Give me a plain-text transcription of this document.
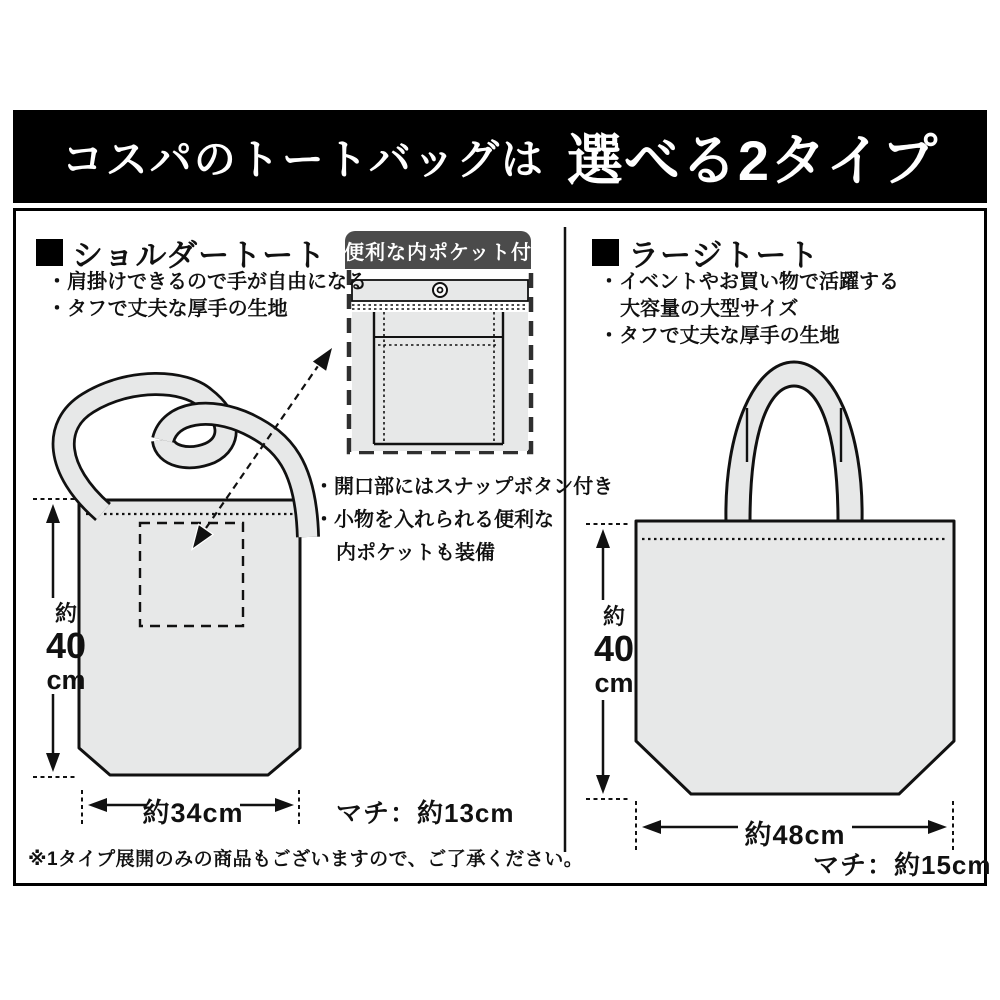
コスパのトートバッグは 選べる2タイプ
ショルダートート
・肩掛けできるので手が自由になる
・タフで丈夫な厚手の生地
便利な内ポケット付
・開口部にはスナップボタン付き
・小物を入れられる便利な
内ポケットも装備
約
40
cm
約34cm	マチ：約13cm
ラージトート
・イベントやお買い物で活躍する
大容量の大型サイズ
・タフで丈夫な厚手の生地
約
40
cm
約48cm
マチ：約15cm
※1タイプ展開のみの商品もございますので、ご了承ください。
